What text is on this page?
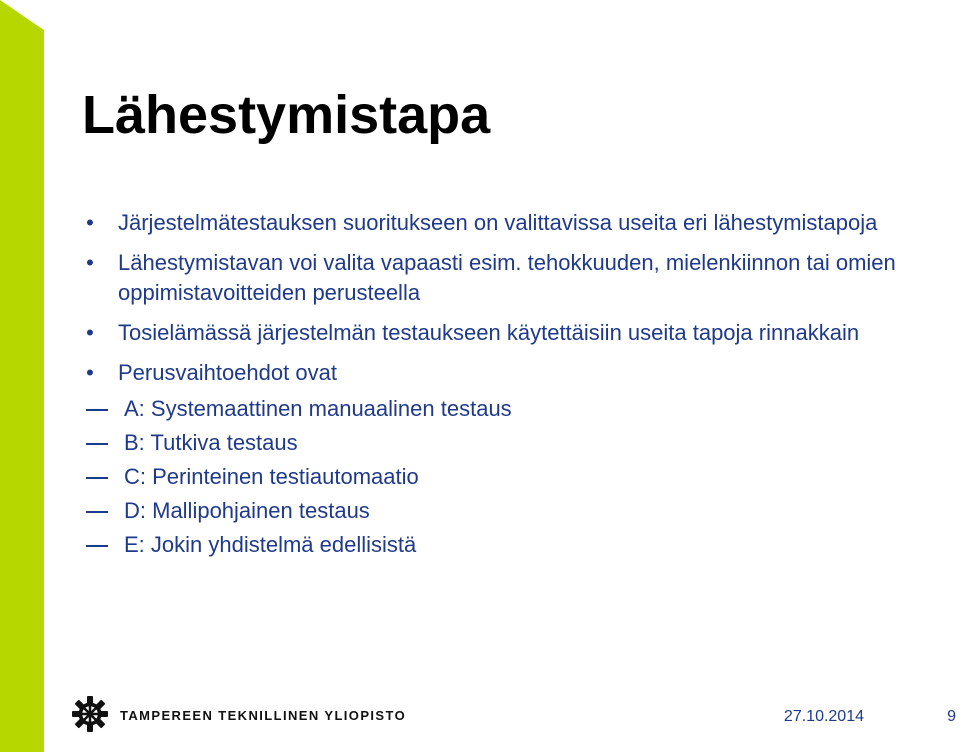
Lähestymistapa
• Järjestelmätestauksen suoritukseen on valittavissa useita eri lähestymistapoja
• Lähestymistavan voi valita vapaasti esim. tehokkuuden, mielenkiinnon tai omien oppimistavoitteiden perusteella
• Tosielämässä järjestelmän testaukseen käytettäisiin useita tapoja rinnakkain
• Perusvaihtoehdot ovat
A: Systemaattinen manuaalinen testaus
B: Tutkiva testaus
C: Perinteinen testiautomaatio
D: Mallipohjainen testaus
E: Jokin yhdistelmä edellisistä
TAMPEREEN TEKNILLINEN YLIOPISTO	27.10.2014	9
